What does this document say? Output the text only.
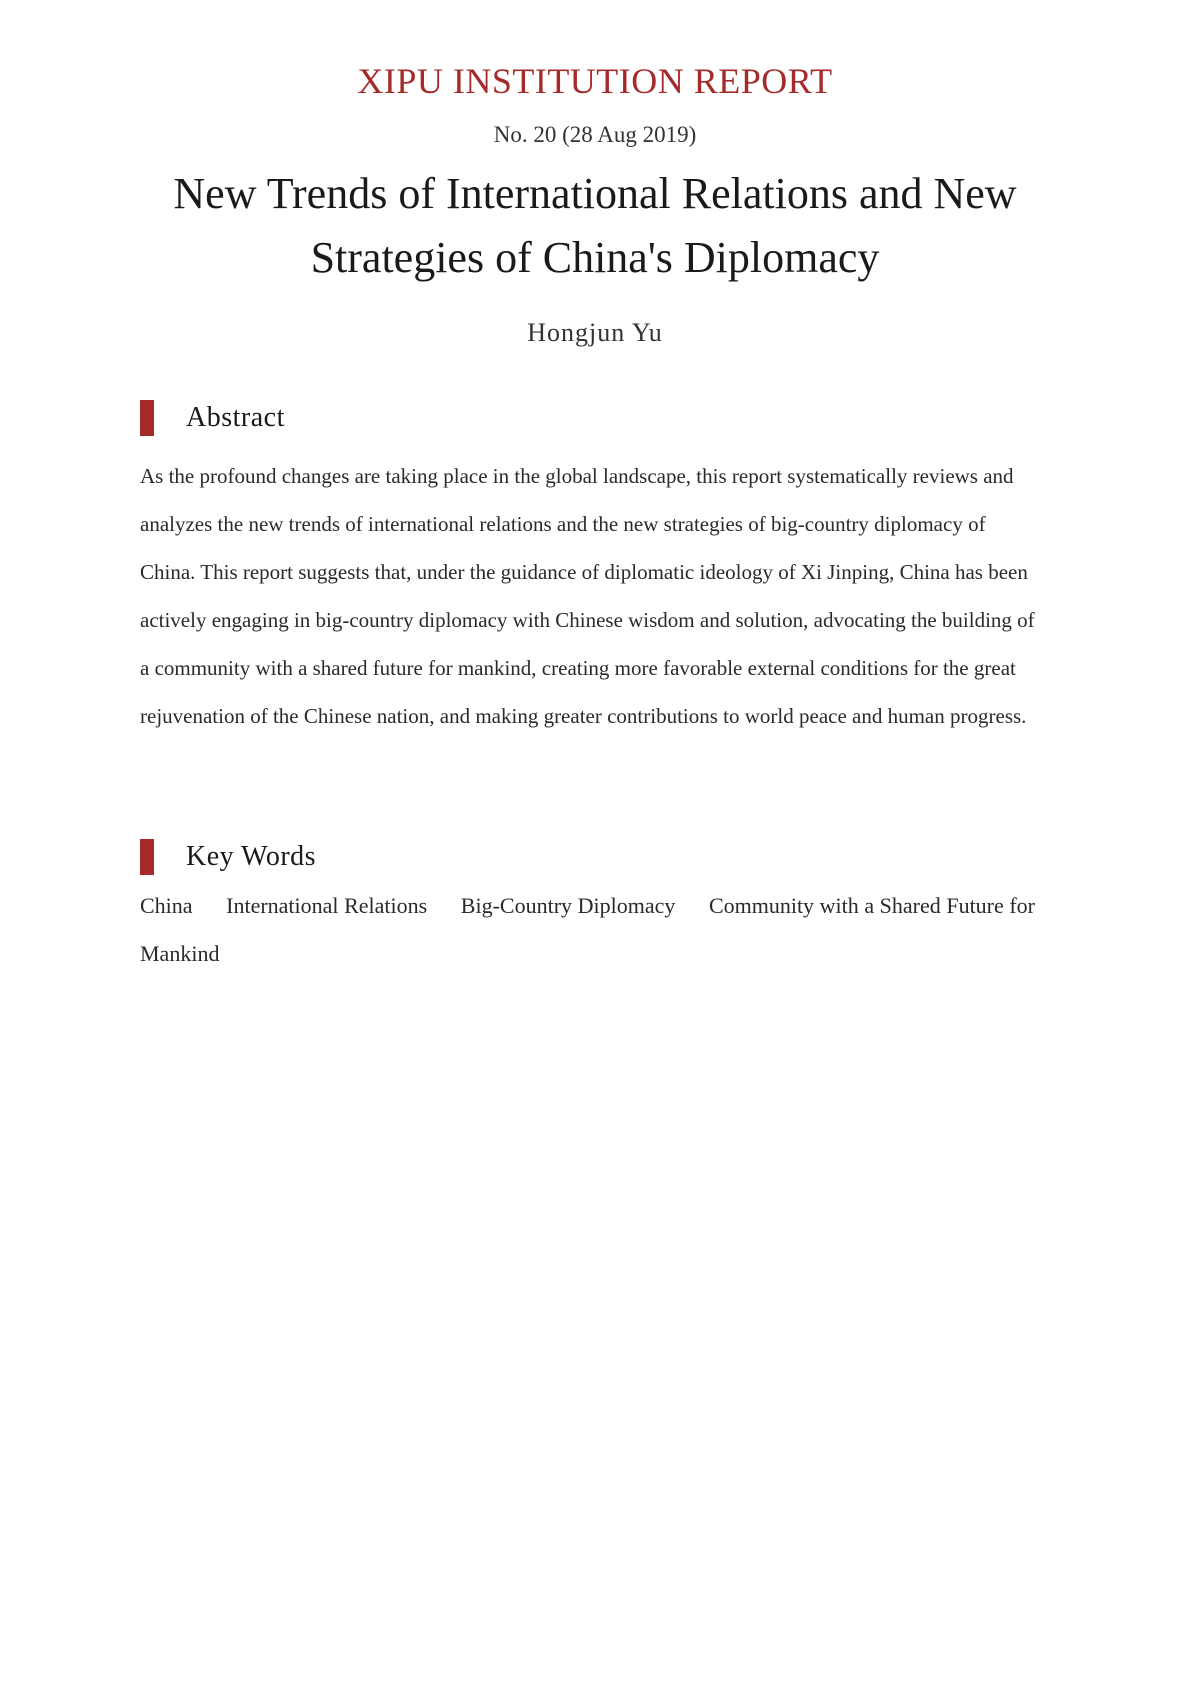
XIPU INSTITUTION REPORT
No. 20 (28 Aug 2019)
New Trends of International Relations and New Strategies of China's Diplomacy
Hongjun Yu
Abstract

As the profound changes are taking place in the global landscape, this report systematically reviews and analyzes the new trends of international relations and the new strategies of big-country diplomacy of China. This report suggests that, under the guidance of diplomatic ideology of Xi Jinping, China has been actively engaging in big-country diplomacy with Chinese wisdom and solution, advocating the building of a community with a shared future for mankind, creating more favorable external conditions for the great rejuvenation of the Chinese nation, and making greater contributions to world peace and human progress.

Key Words

China International Relations Big-Country Diplomacy Community with a Shared Future for Mankind
